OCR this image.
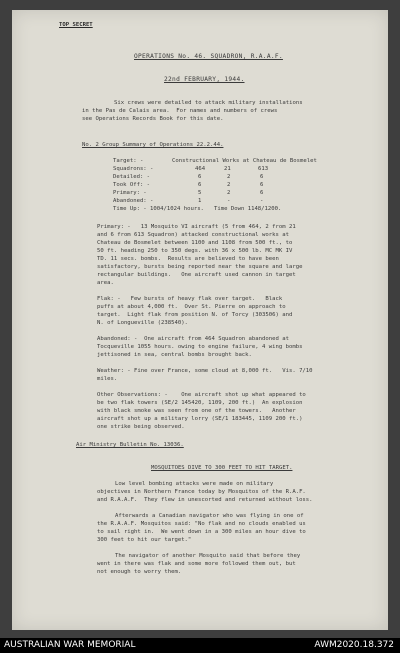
TOP SECRET
OPERATIONS No. 46. SQUADRON, R.A.A.F.
22nd FEBRUARY, 1944.
Six crews were detailed to attack military installations
in the Pas de Calais area.  For names and numbers of crews
see Operations Records Book for this date.
No. 2 Group Summary of Operations 22.2.44.
Target: -	Constructional Works at Chateau de Bosmelet
Squadrons: -	464	21	613
Detailed: -	6	2	6
Took Off: -	6	2	6
Primary: -	5	2	6
Abandoned: -	1	-	-
Time Up: - 1004/1024 hours.   Time Down 1148/1200.
Primary: -   13 Mosquito VI aircraft (5 from 464, 2 from 21
and 6 from 613 Squadron) attacked constructional works at
Chateau de Bosmelet between 1100 and 1108 from 500 ft., to
50 ft. heading 250 to 350 degs. with 36 x 500 lb. MC MK IV
TD. 11 secs. bombs.  Results are believed to have been
satisfactory, bursts being reported near the square and large
rectangular buildings.   One aircraft used cannon in target
area.
Flak: -   Few bursts of heavy flak over target.   Black
puffs at about 4,000 ft.  Over St. Pierre on approach to
target.  Light flak from position N. of Torcy (303506) and
N. of Longueville (238540).
Abandoned: -  One aircraft from 464 Squadron abandoned at
Tocqueville 1055 hours. owing to engine failure, 4 wing bombs
jettisoned in sea, central bombs brought back.
Weather: - Fine over France, some cloud at 8,000 ft.   Vis. 7/10
miles.
Other Observations: -    One aircraft shot up what appeared to
be two flak towers (SE/2 145420, 1109, 200 ft.)  An explosion
with black smoke was seen from one of the towers.   Another
aircraft shot up a military lorry (SE/1 183445, 1109 200 ft.)
one strike being observed.
Air Ministry Bulletin No. 13036.
MOSQUITOES DIVE TO 300 FEET TO HIT TARGET.
Low level bombing attacks were made on military
objectives in Northern France today by Mosquitos of the R.A.F.
and R.A.A.F.  They flew in unescorted and returned without loss.
Afterwards a Canadian navigator who was flying in one of
the R.A.A.F. Mosquitos said: "No flak and no clouds enabled us
to sail right in.  We went down in a 300 miles an hour dive to
300 feet to hit our target."
The navigator of another Mosquito said that before they
went in there was flak and some more followed them out, but
not enough to worry them.
AUSTRALIAN WAR MEMORIAL	AWM2020.18.372
